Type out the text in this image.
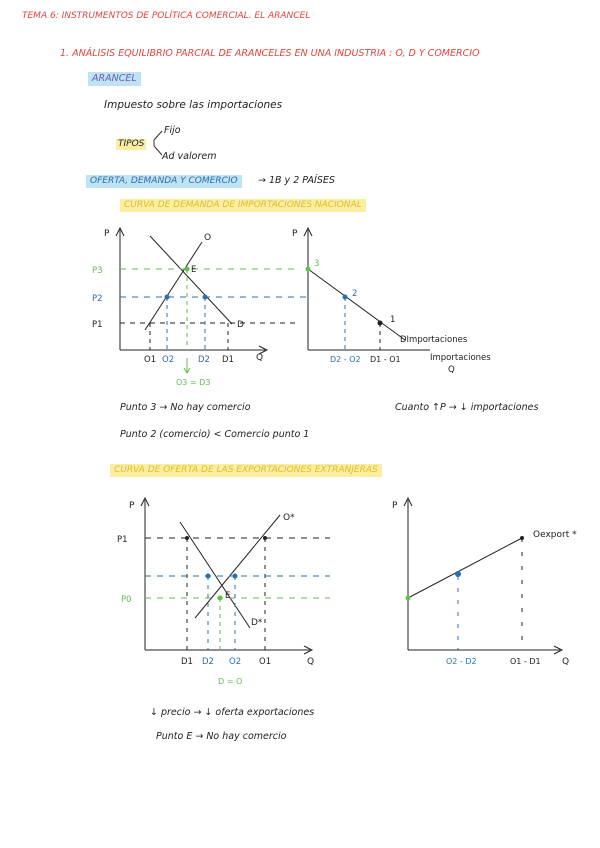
TEMA 6: INSTRUMENTOS DE POLÍTICA COMERCIAL. EL ARANCEL
1. ANÁLISIS EQUILIBRIO PARCIAL DE ARANCELES EN UNA INDUSTRIA : O, D Y COMERCIO
ARANCEL
Impuesto sobre las importaciones
TIPOS
Fijo
Ad valorem
OFERTA, DEMANDA Y COMERCIO	→ 1B y 2 PAÍSES
CURVA DE DEMANDA DE IMPORTACIONES NACIONAL
P
Q
P3
P2
P1
O
D
E
O1 O2	D2 D1
O3 = D3
P
3
2
1
DImportaciones
D2 - O2 D1 - O1	Importaciones
Q
Punto 3 → No hay comercio
Punto 2 (comercio) < Comercio punto 1
Cuanto ↑P → ↓ importaciones
CURVA DE OFERTA DE LAS EXPORTACIONES EXTRANJERAS
P
Q
P1
P0
O*
D*
E
D1 D2 O2 O1
D = O
P
Q
Oexport *
O2 - D2	O1 - D1
↓ precio → ↓ oferta exportaciones
Punto E → No hay comercio
